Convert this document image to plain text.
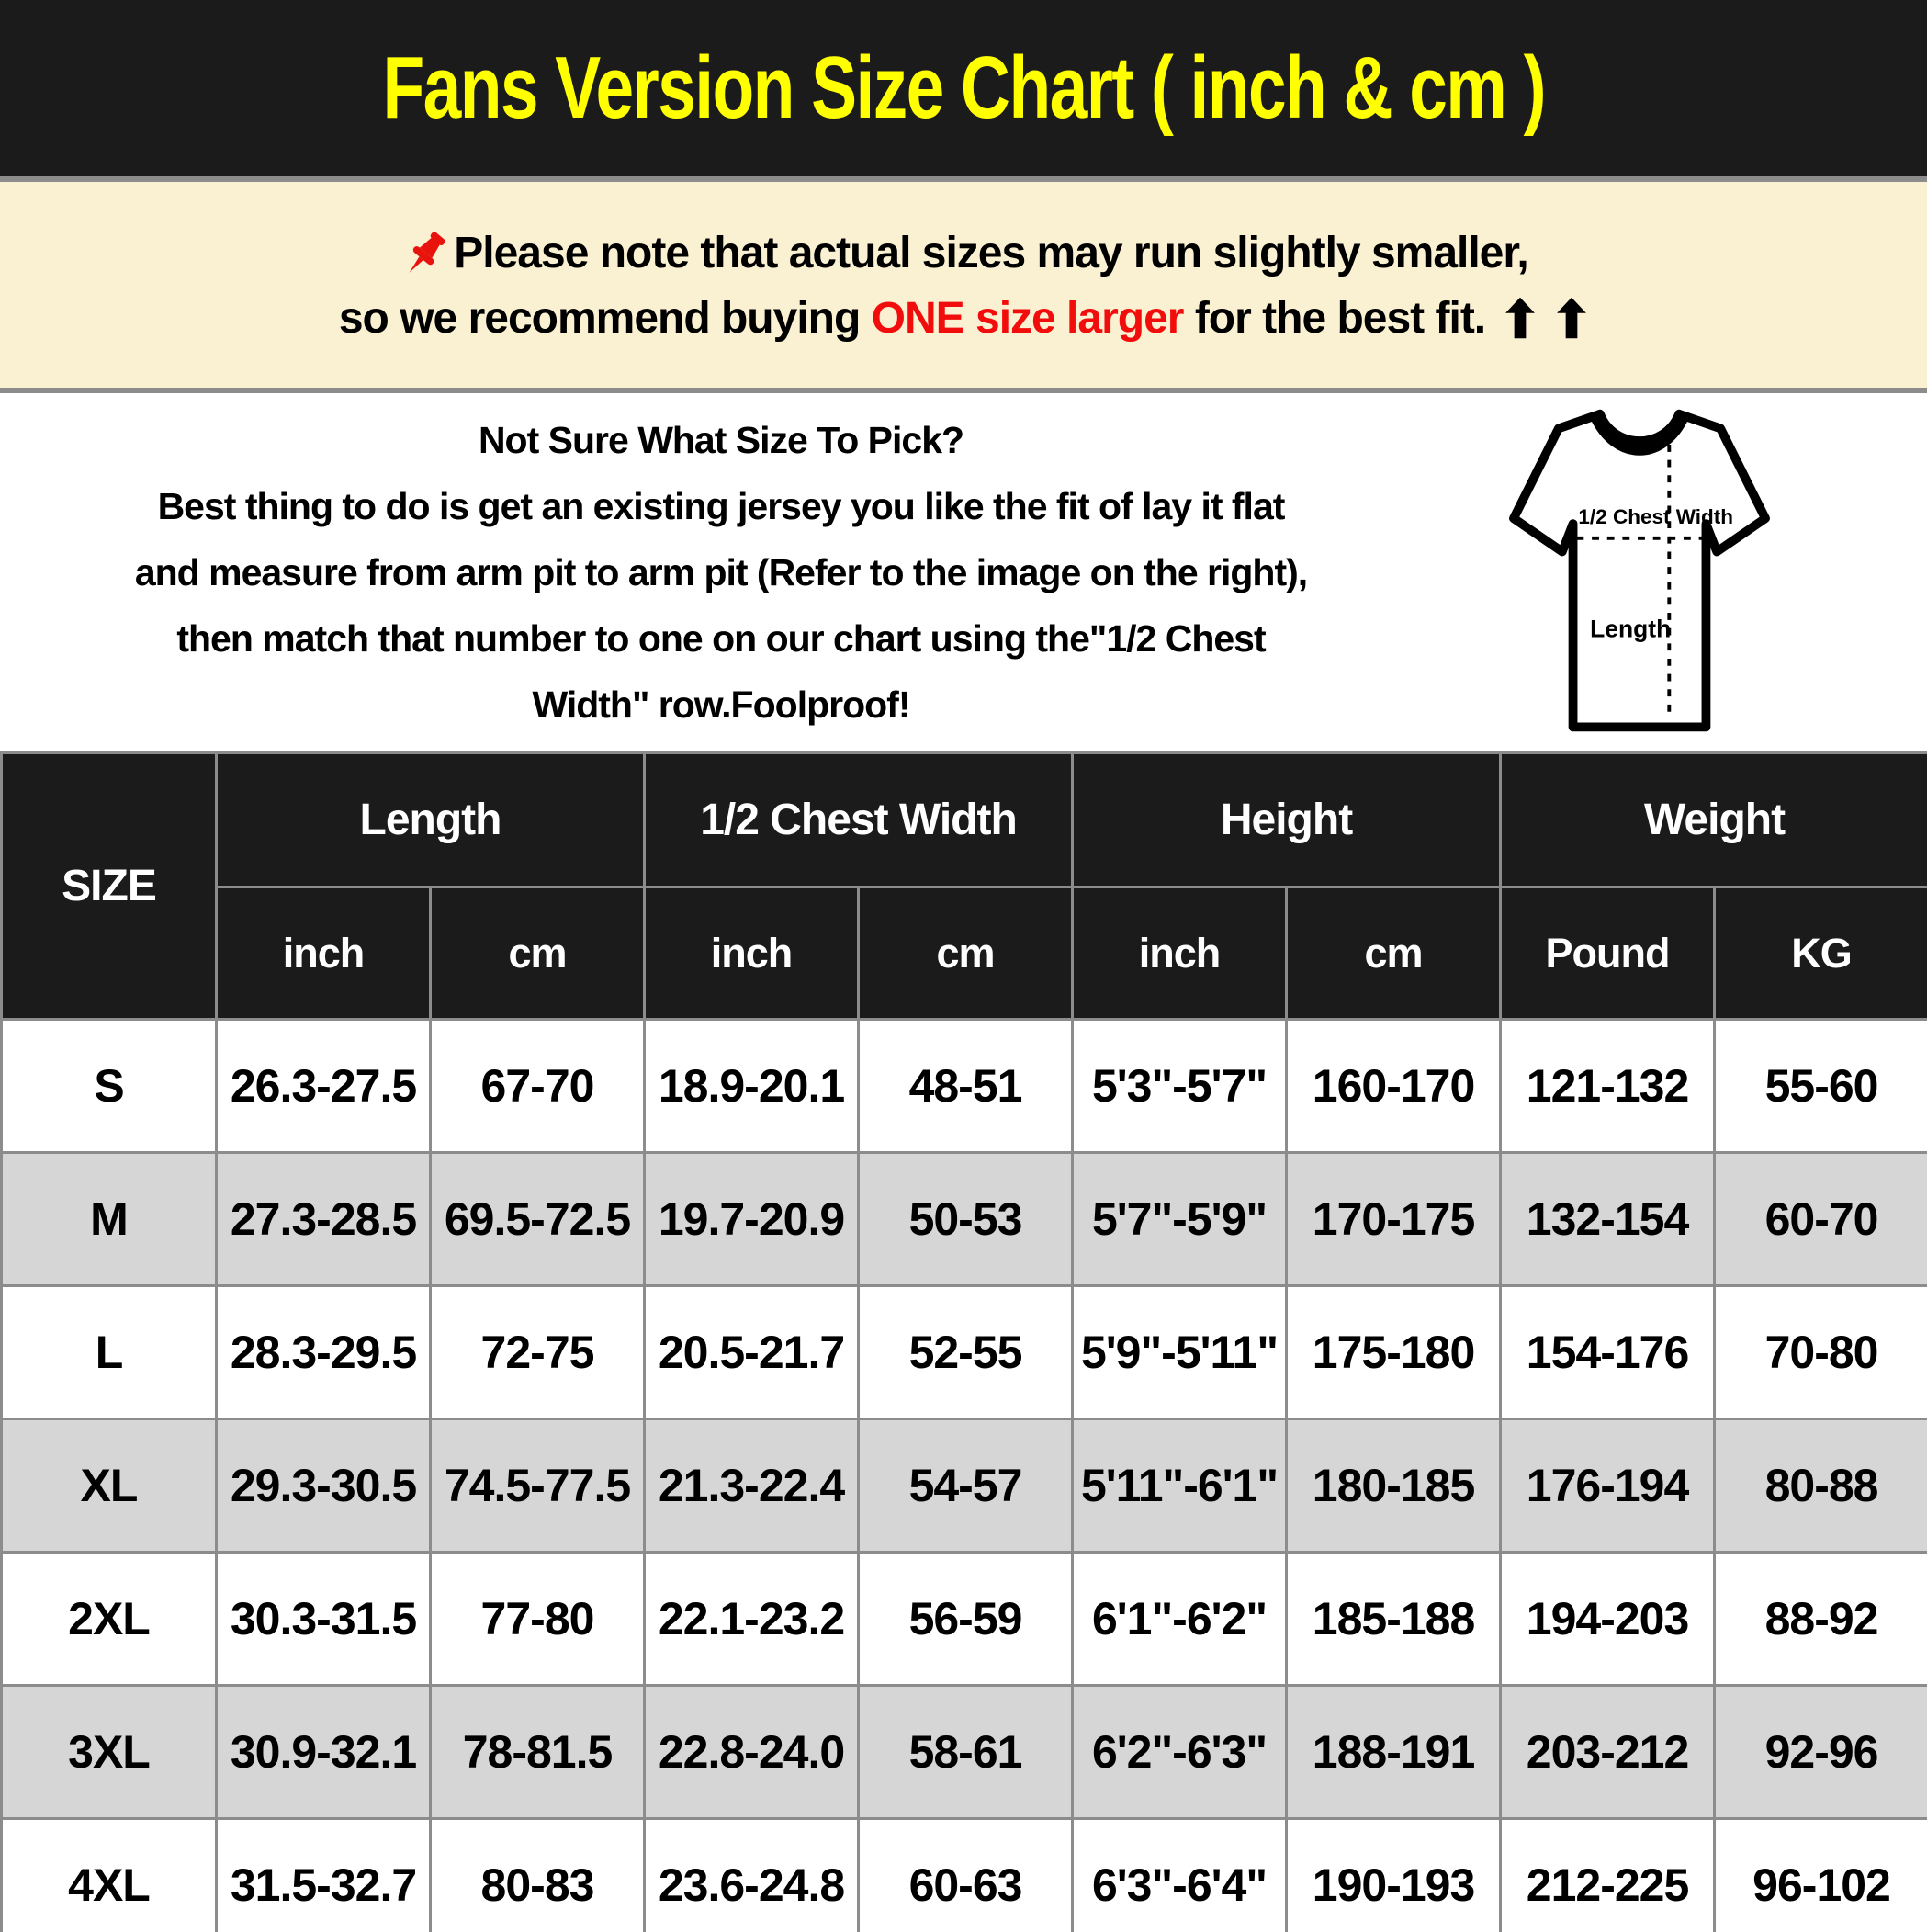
Fans Version Size Chart ( inch & cm )

Please note that actual sizes may run slightly smaller,

so we recommend buying ONE size larger for the best fit.

Not Sure What Size To Pick?

Best thing to do is get an existing jersey you like the fit of lay it flat

and measure from arm pit to arm pit (Refer to the image on the right),

then match that number to one on our chart using the"1/2 Chest

Width" row.Foolproof!

1/2 Chest Width
Length
SIZE	Length		1/2 Chest Width		Height		Weight	
	inch	cm	inch	cm	inch	cm	Pound	KG
S	26.3-27.5	67-70	18.9-20.1	48-51	5'3"-5'7"	160-170	121-132	55-60
M	27.3-28.5	69.5-72.5	19.7-20.9	50-53	5'7"-5'9"	170-175	132-154	60-70
L	28.3-29.5	72-75	20.5-21.7	52-55	5'9"-5'11"	175-180	154-176	70-80
XL	29.3-30.5	74.5-77.5	21.3-22.4	54-57	5'11"-6'1"	180-185	176-194	80-88
2XL	30.3-31.5	77-80	22.1-23.2	56-59	6'1"-6'2"	185-188	194-203	88-92
3XL	30.9-32.1	78-81.5	22.8-24.0	58-61	6'2"-6'3"	188-191	203-212	92-96
4XL	31.5-32.7	80-83	23.6-24.8	60-63	6'3"-6'4"	190-193	212-225	96-102
